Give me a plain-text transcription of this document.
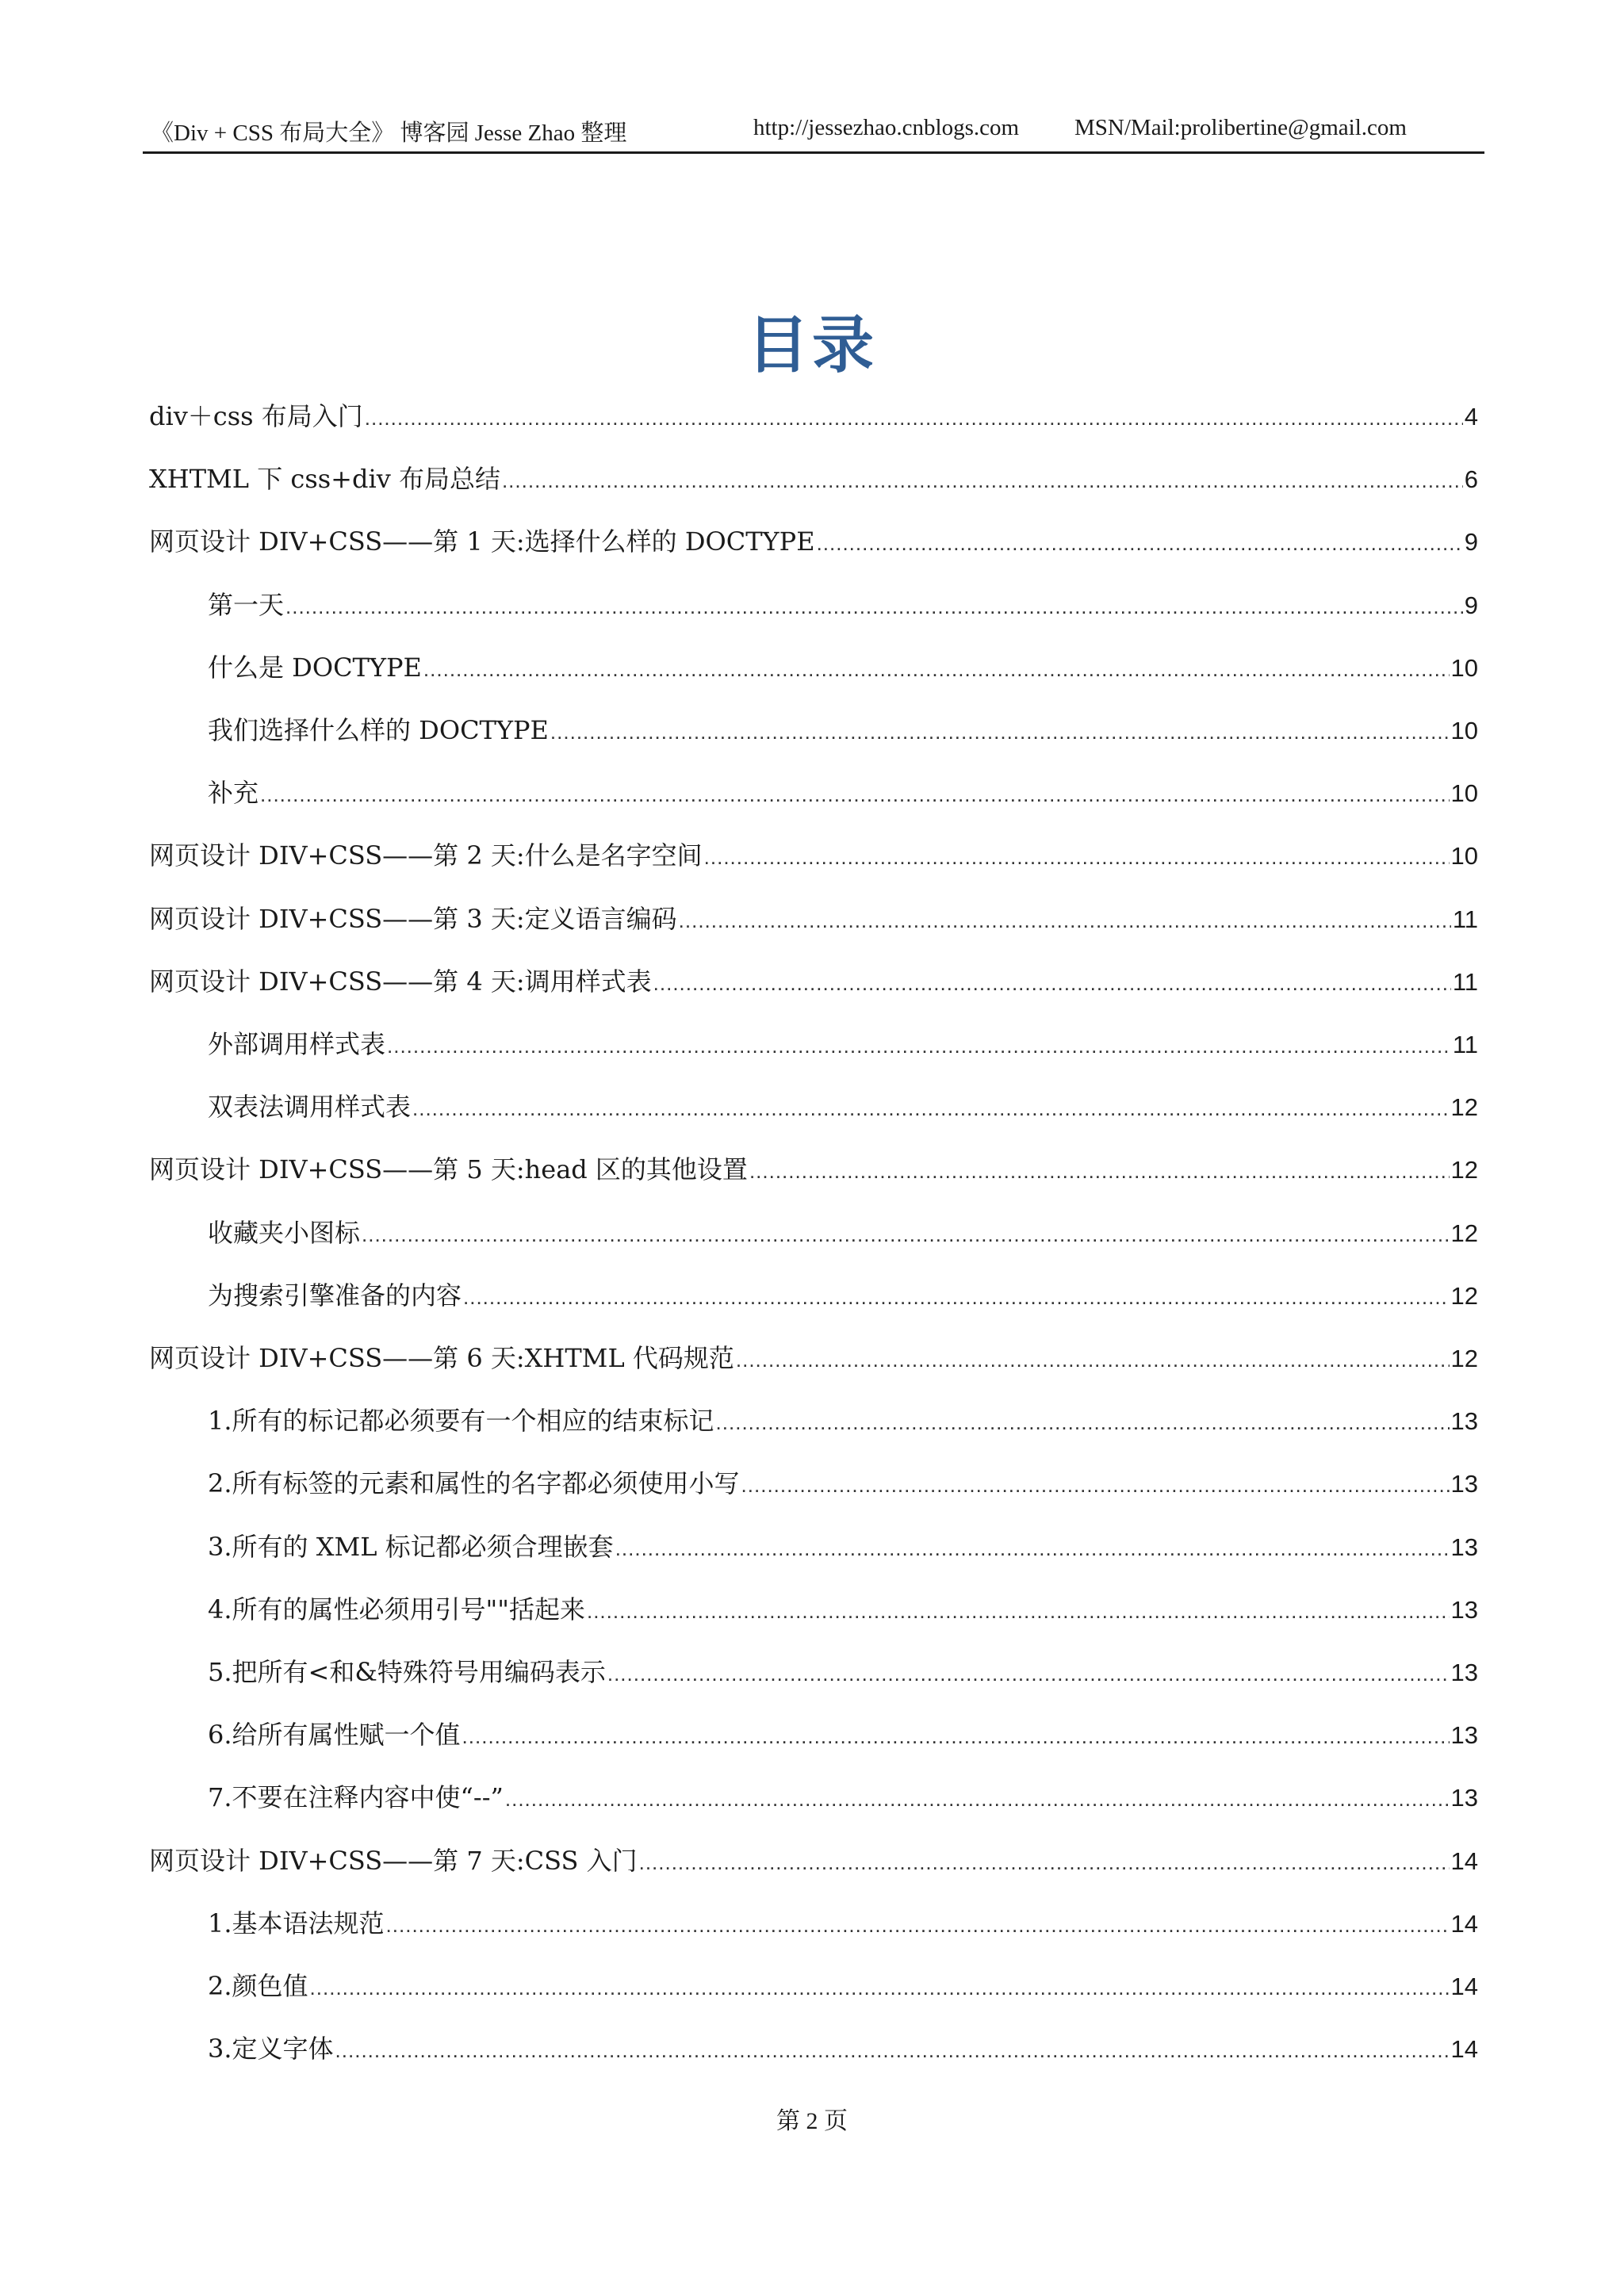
《Div + CSS 布局大全》 博客园 Jesse Zhao 整理	http://jessezhao.cnblogs.com MSN/Mail:prolibertine@gmail.com
目录
div＋css 布局入门 .....	4
XHTML 下 css+div 布局总结 .....	6
网页设计 DIV+CSS——第 1 天:选择什么样的 DOCTYPE .....	9
第一天 .....	9
什么是 DOCTYPE .....	10
我们选择什么样的 DOCTYPE .....	10
补充 .....	10
网页设计 DIV+CSS——第 2 天:什么是名字空间 .....	10
网页设计 DIV+CSS——第 3 天:定义语言编码 .....	11
网页设计 DIV+CSS——第 4 天:调用样式表 .....	11
外部调用样式表 .....	11
双表法调用样式表 .....	12
网页设计 DIV+CSS——第 5 天:head 区的其他设置 .....	12
收藏夹小图标 .....	12
为搜索引擎准备的内容 .....	12
网页设计 DIV+CSS——第 6 天:XHTML 代码规范 .....	12
1.所有的标记都必须要有一个相应的结束标记 .....	13
2.所有标签的元素和属性的名字都必须使用小写 .....	13
3.所有的 XML 标记都必须合理嵌套 .....	13
4.所有的属性必须用引号""括起来 .....	13
5.把所有<和&特殊符号用编码表示 .....	13
6.给所有属性赋一个值 .....	13
7.不要在注释内容中使“--” .....	13
网页设计 DIV+CSS——第 7 天:CSS 入门 .....	14
1.基本语法规范 .....	14
2.颜色值 .....	14
3.定义字体 .....	14
第 2 页
